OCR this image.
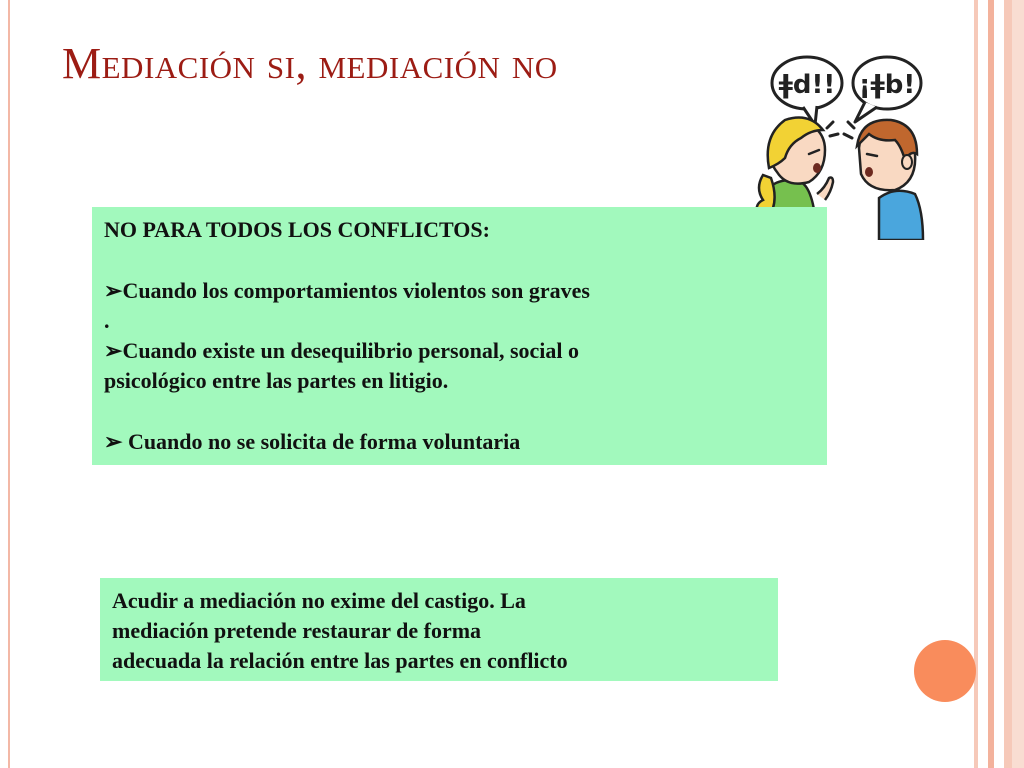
Mediación si, mediación no	ǂd!! ¡ǂb!
NO PARA TODOS LOS CONFLICTOS:
➢Cuando los comportamientos violentos son graves
.
➢Cuando existe un desequilibrio personal, social o
psicológico entre las partes en litigio.
➢ Cuando no se solicita de forma voluntaria
Acudir a mediación no exime del castigo. La
mediación pretende restaurar de forma
adecuada la relación entre las partes en conflicto
